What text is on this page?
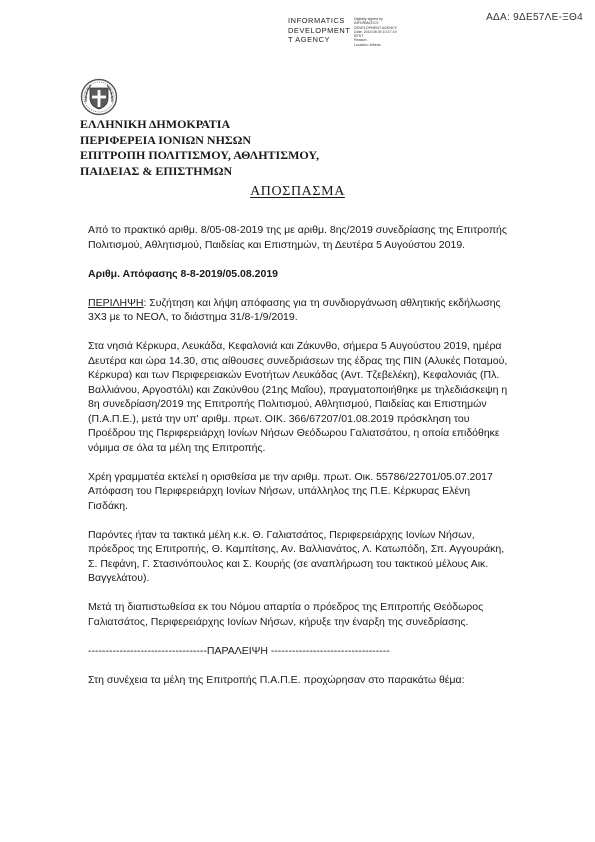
ΑΔΑ: 9ΔΕ57ΛΕ-ΞΘ4
INFORMATICS
DEVELOPMENT
T AGENCY
Digitally signed by
INFORMATICS
DEVELOPMENT AGENCY
Date: 2019.08.09 10:17:19
EEST
Reason:
Location: Athens
ΕΛΛΗΝΙΚΗ ΔΗΜΟΚΡΑΤΙΑ
ΠΕΡΙΦΕΡΕΙΑ ΙΟΝΙΩΝ ΝΗΣΩΝ
ΕΠΙΤΡΟΠΗ ΠΟΛΙΤΙΣΜΟΥ, ΑΘΛΗΤΙΣΜΟΥ,
ΠΑΙΔΕΙΑΣ & ΕΠΙΣΤΗΜΩΝ
ΑΠΟΣΠΑΣΜΑ

Από το πρακτικό αριθμ. 8/05-08-2019 της με αριθμ. 8ης/2019 συνεδρίασης της Επιτροπής Πολιτισμού, Αθλητισμού, Παιδείας και Επιστημών, τη Δευτέρα 5 Αυγούστου 2019.

Αριθμ. Απόφασης 8-8-2019/05.08.2019

ΠΕΡΙΛΗΨΗ: Συζήτηση και λήψη απόφασης για τη συνδιοργάνωση αθλητικής εκδήλωσης 3Χ3 με το ΝΕΟΛ, το διάστημα 31/8-1/9/2019.

Στα νησιά Κέρκυρα, Λευκάδα, Κεφαλονιά και Ζάκυνθο, σήμερα 5 Αυγούστου 2019, ημέρα Δευτέρα και ώρα 14.30, στις αίθουσες συνεδριάσεων της έδρας της ΠΙΝ (Αλυκές Ποταμού, Κέρκυρα) και των Περιφερειακών Ενοτήτων Λευκάδας (Αντ. Τζεβελέκη), Κεφαλονιάς (Πλ. Βαλλιάνου, Αργοστόλι) και Ζακύνθου (21ης Μαΐου), πραγματοποιήθηκε με τηλεδιάσκεψη η 8η συνεδρίαση/2019 της Επιτροπής Πολιτισμού, Αθλητισμού, Παιδείας και Επιστημών (Π.Α.Π.Ε.), μετά την υπ' αριθμ. πρωτ. ΟΙΚ. 366/67207/01.08.2019 πρόσκληση του Προέδρου της Περιφερειάρχη Ιονίων Νήσων Θεόδωρου Γαλιατσάτου, η οποία επιδόθηκε νόμιμα σε όλα τα μέλη της Επιτροπής.

Χρέη γραμματέα εκτελεί η ορισθείσα με την αριθμ. πρωτ. Οικ. 55786/22701/05.07.2017 Απόφαση του Περιφερειάρχη Ιονίων Νήσων, υπάλληλος της Π.Ε. Κέρκυρας Ελένη Γισδάκη.

Παρόντες ήταν τα τακτικά μέλη κ.κ. Θ. Γαλιατσάτος, Περιφερειάρχης Ιονίων Νήσων, πρόεδρος της Επιτροπής, Θ. Καμπίτσης, Αν. Βαλλιανάτος, Λ. Κατωπόδη, Σπ. Αγγουράκη, Σ. Πεφάνη, Γ. Στασινόπουλος και Σ. Κουρής (σε αναπλήρωση του τακτικού μέλους Αικ. Βαγγελάτου).

Μετά τη διαπιστωθείσα εκ του Νόμου απαρτία ο πρόεδρος της Επιτροπής Θεόδωρος Γαλιατσάτος, Περιφερειάρχης Ιονίων Νήσων, κήρυξε την έναρξη της συνεδρίασης.

----------------------------------ΠΑΡΑΛΕΙΨΗ ----------------------------------

Στη συνέχεια τα μέλη της Επιτροπής Π.Α.Π.Ε. προχώρησαν στο παρακάτω θέμα:
